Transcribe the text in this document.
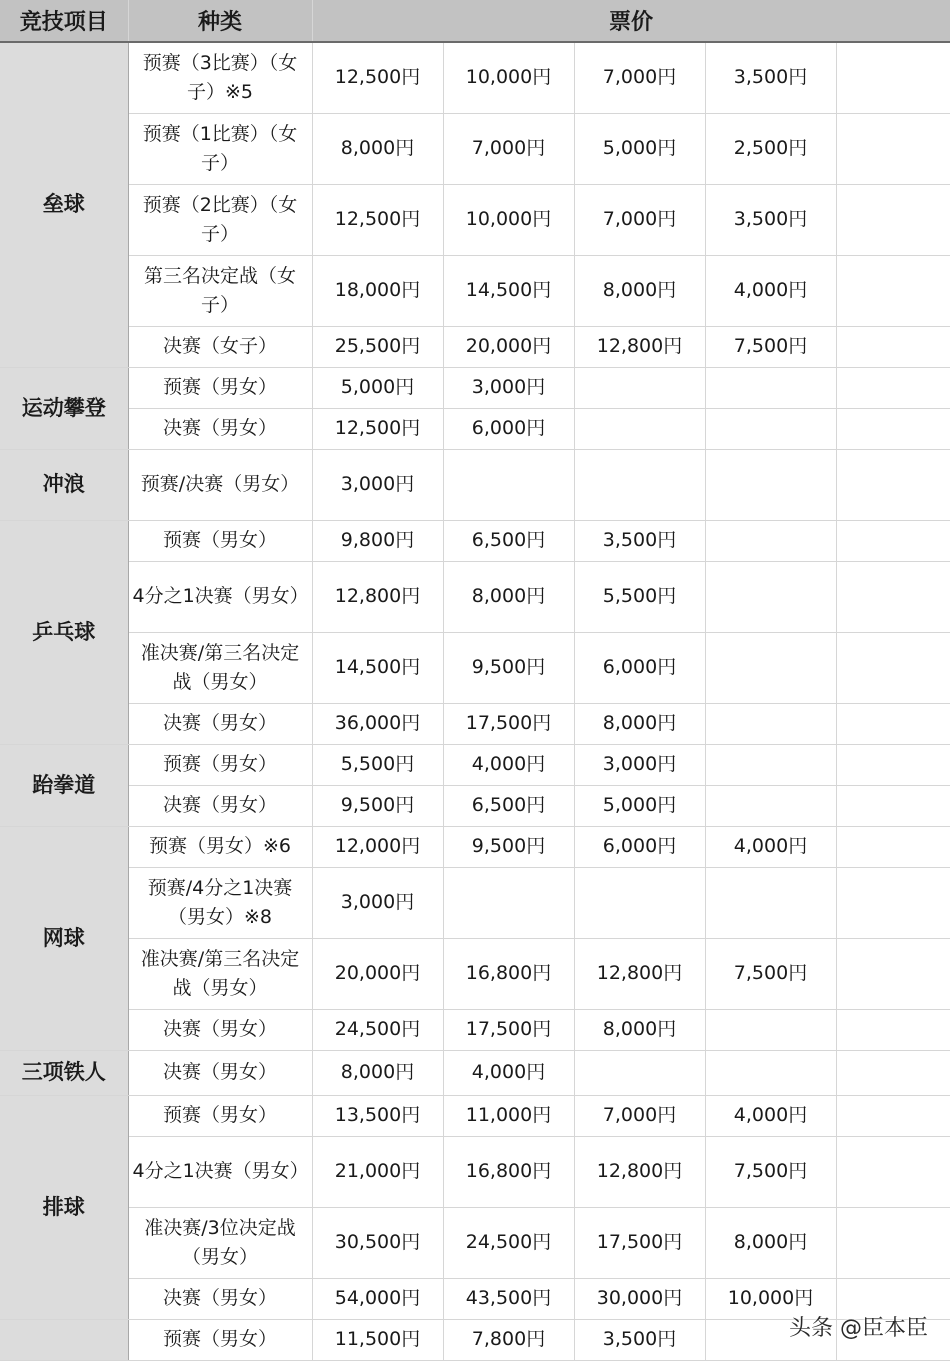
竞技项目	种类	票价				
垒球	预赛（3比赛）（女子）※5	12,500円	10,000円	7,000円	3,500円	
	预赛（1比赛）（女子）	8,000円	7,000円	5,000円	2,500円	
	预赛（2比赛）（女子）	12,500円	10,000円	7,000円	3,500円	
	第三名决定战（女子）	18,000円	14,500円	8,000円	4,000円	
	决赛（女子）	25,500円	20,000円	12,800円	7,500円	
运动攀登	预赛（男女）	5,000円	3,000円			
	决赛（男女）	12,500円	6,000円			
冲浪	预赛/决赛（男女）	3,000円				
乒乓球	预赛（男女）	9,800円	6,500円	3,500円		
	4分之1决赛（男女）	12,800円	8,000円	5,500円		
	准决赛/第三名决定战（男女）	14,500円	9,500円	6,000円		
	决赛（男女）	36,000円	17,500円	8,000円		
跆拳道	预赛（男女）	5,500円	4,000円	3,000円		
	决赛（男女）	9,500円	6,500円	5,000円		
网球	预赛（男女）※6	12,000円	9,500円	6,000円	4,000円	
	预赛/4分之1决赛（男女）※8	3,000円				
	准决赛/第三名决定战（男女）	20,000円	16,800円	12,800円	7,500円	
	决赛（男女）	24,500円	17,500円	8,000円		
三项铁人	决赛（男女）	8,000円	4,000円			
排球	预赛（男女）	13,500円	11,000円	7,000円	4,000円	
	4分之1决赛（男女）	21,000円	16,800円	12,800円	7,500円	
	准决赛/3位决定战（男女）	30,500円	24,500円	17,500円	8,000円	
	决赛（男女）	54,000円	43,500円	30,000円	10,000円	
	预赛（男女）	11,500円	7,800円	3,500円			头条 @臣本臣
